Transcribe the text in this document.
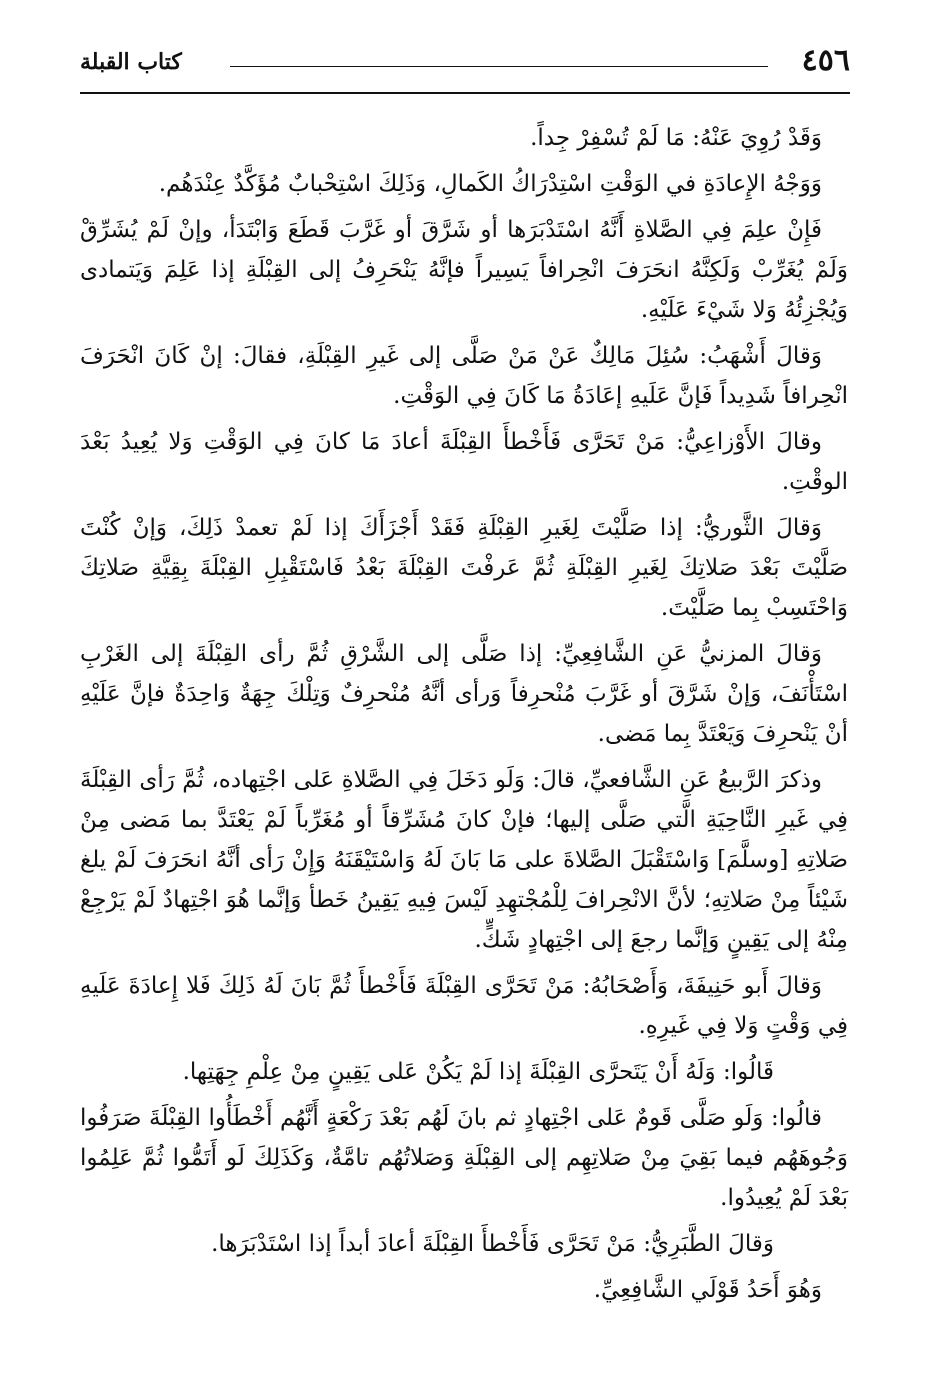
٤٥٦
كتاب القبلة

وَقَدْ رُوِيَ عَنْهُ: مَا لَمْ تُسْفِرْ جِداً.

وَوَجْهُ الإِعادَةِ في الوَقْتِ اسْتِدْرَاكُ الكَمالِ، وَذَلِكَ اسْتِحْبابٌ مُؤَكَّدٌ عِنْدَهُم.

فَإِنْ علِمَ فِي الصَّلاةِ أَنَّهُ اسْتَدْبَرَها أو شَرَّقَ أو غَرَّبَ قَطَعَ وَابْتَدَأ، وإنْ لَمْ يُشَرِّقْ وَلَمْ يُغَرِّبْ وَلَكِنَّهُ انحَرَفَ انْحِرافاً يَسِيراً فإنَّهُ يَنْحَرِفُ إلى القِبْلَةِ إذا عَلِمَ وَيَتمادى وَيُجْزِئُهُ وَلا شَيْءَ عَلَيْهِ.

وَقالَ أَشْهَبُ: سُئِلَ مَالِكٌ عَنْ مَنْ صَلَّى إلى غَيرِ القِبْلَةِ، فقالَ: إنْ كَانَ انْحَرَفَ انْحِرافاً شَدِيداً فَإنَّ عَلَيهِ إعَادَةُ مَا كَانَ فِي الوَقْتِ.

وقالَ الأَوْزاعِيُّ: مَنْ تَحَرَّى فَأَخْطأَ القِبْلَةَ أعادَ مَا كانَ فِي الوَقْتِ وَلا يُعِيدُ بَعْدَ الوقْتِ.

وَقالَ الثَّوريُّ: إذا صَلَّيْتَ لِغَيرِ القِبْلَةِ فَقَدْ أَجْزَأَكَ إذا لَمْ تعمدْ ذَلِكَ، وَإنْ كُنْتَ صَلَّيْتَ بَعْدَ صَلاتِكَ لِغَيرِ القِبْلَةِ ثُمَّ عَرفْتَ القِبْلَةَ بَعْدُ فَاسْتَقْبِلِ القِبْلَةَ بِقِيَّةِ صَلاتِكَ وَاحْتَسِبْ بِما صَلَّيْتَ.

وَقالَ المزنيُّ عَنِ الشَّافِعِيِّ: إذا صَلَّى إلى الشَّرْقِ ثُمَّ رأى القِبْلَةَ إلى الغَرْبِ اسْتَأْنَفَ، وَإنْ شَرَّقَ أو غَرَّبَ مُنْحرِفاً وَرأى أنَّهُ مُنْحرِفٌ وَتِلْكَ جِهَةٌ وَاحِدَةٌ فإنَّ عَلَيْهِ أنْ يَنْحرِفَ وَيَعْتَدَّ بِما مَضى.

وذكرَ الرَّبيعُ عَنِ الشَّافعيِّ، قالَ: وَلَو دَخَلَ فِي الصَّلاةِ عَلى اجْتِهاده، ثُمَّ رَأى القِبْلَةَ فِي غَيرِ النَّاحِيَةِ الَّتي صَلَّى إليها؛ فإنْ كانَ مُشَرِّقاً أو مُغَرِّباً لَمْ يَعْتَدَّ بما مَضى مِنْ صَلاتِهِ [وسلَّمَ] وَاسْتَقْبَلَ الصَّلاةَ على مَا بَانَ لَهُ وَاسْتَيْقَنَهُ وَإِنْ رَأى أنَّهُ انحَرَفَ لَمْ يلغ شَيْئاً مِنْ صَلاتِهِ؛ لأنَّ الانْحِرافَ لِلْمُجْتهِدِ لَيْسَ فِيهِ يَقِينُ خَطأ وَإنَّما هُوَ اجْتِهادٌ لَمْ يَرْجِعْ مِنْهُ إلى يَقِينٍ وَإنَّما رجعَ إلى اجْتِهادٍ شَكٍّ.

وَقالَ أَبو حَنِيفَةَ، وَأَصْحَابُهُ: مَنْ تَحَرَّى القِبْلَةَ فَأَخْطأَ ثُمَّ بَانَ لَهُ ذَلِكَ فَلا إِعادَةَ عَلَيهِ فِي وَقْتٍ وَلا فِي غَيرِهِ.

قَالُوا: وَلَهُ أَنْ يَتَحرَّى القِبْلَةَ إذا لَمْ يَكُنْ عَلى يَقِينٍ مِنْ عِلْمِ جِهَتِها.

قالُوا: وَلَو صَلَّى قَومٌ عَلى اجْتِهادٍ ثم بانَ لَهُم بَعْدَ رَكْعَةٍ أَنَّهُم أَخْطَأُوا القِبْلَةَ صَرَفُوا وَجُوهَهُم فيما بَقِيَ مِنْ صَلاتِهِم إلى القِبْلَةِ وَصَلاتُهُم تامَّةٌ، وَكَذَلِكَ لَو أَتَمُّوا ثُمَّ عَلِمُوا بَعْدَ لَمْ يُعِيدُوا.

وَقالَ الطَّبَرِيُّ: مَنْ تَحَرَّى فَأَخْطأَ القِبْلَةَ أعادَ أبداً إذا اسْتَدْبَرَها.

وَهُوَ أَحَدُ قَوْلَي الشَّافِعِيِّ.
